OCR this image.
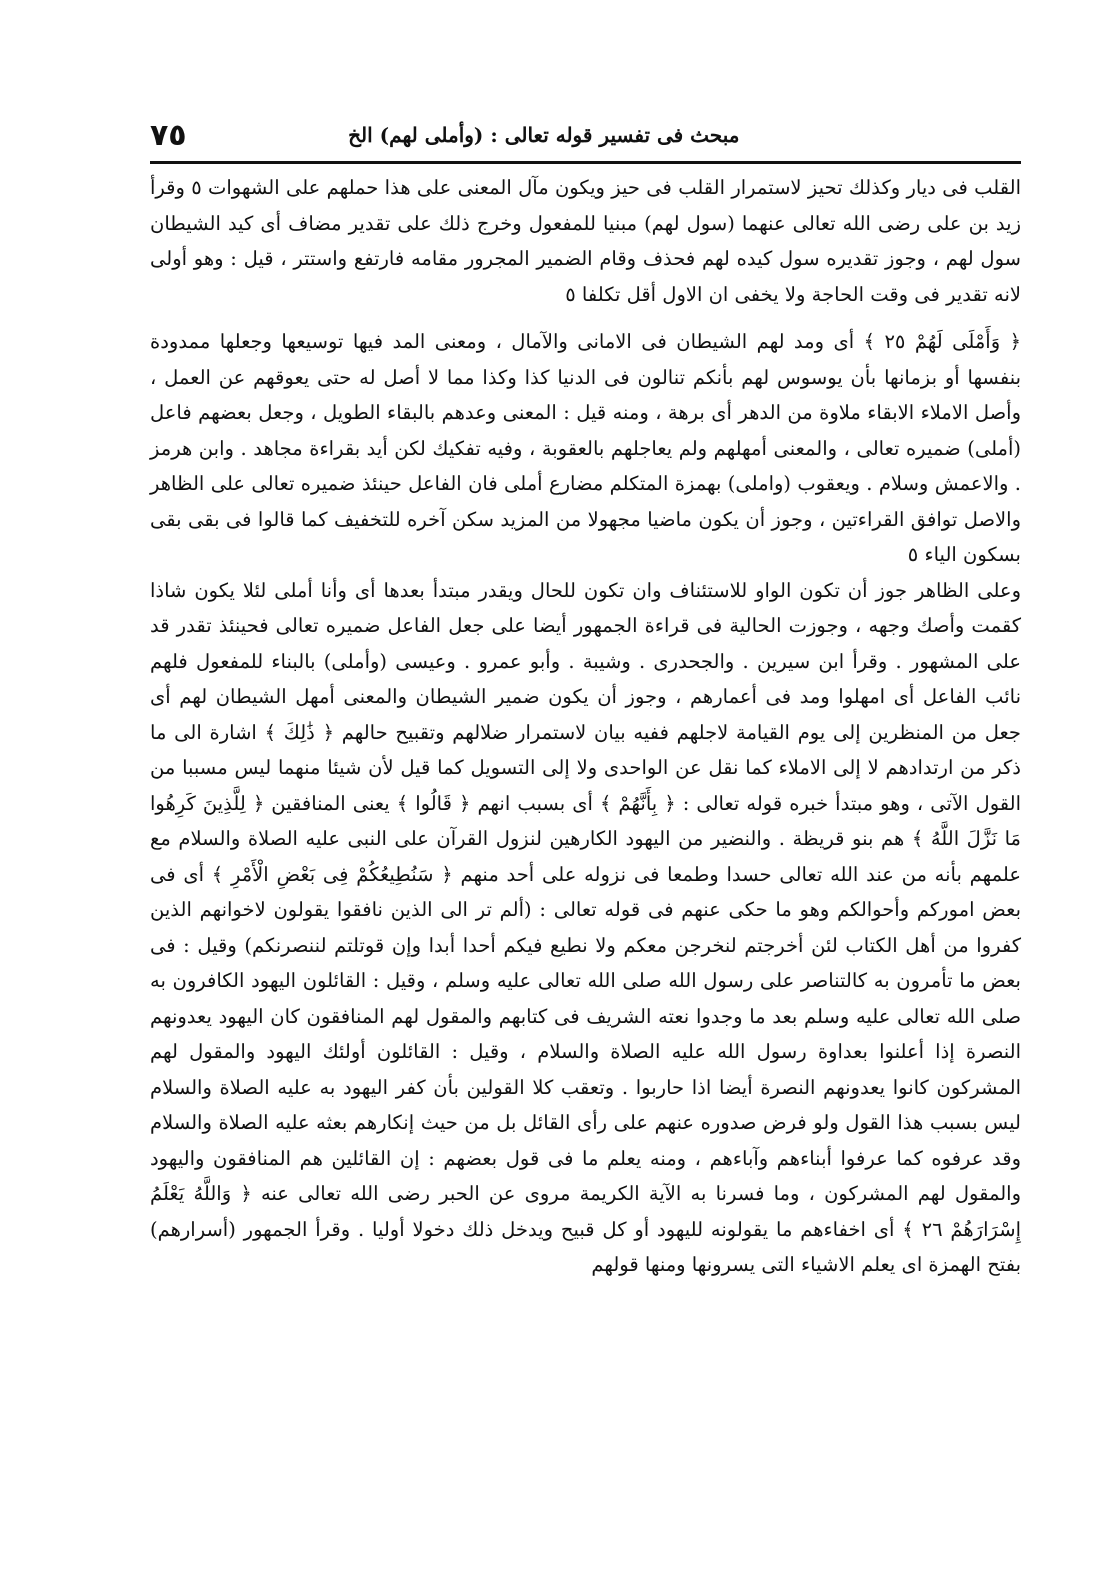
مبحث فى تفسير قوله تعالى : (وأملى لهم) الخ
٧٥

القلب فى ديار وكذلك تحيز لاستمرار القلب فى حيز ويكون مآل المعنى على هذا حملهم على الشهوات ٥ وقرأ زيد بن على رضى الله تعالى عنهما (سول لهم) مبنيا للمفعول وخرج ذلك على تقدير مضاف أى كيد الشيطان سول لهم ، وجوز تقديره سول كيده لهم فحذف وقام الضمير المجرور مقامه فارتفع واستتر ، قيل : وهو أولى لانه تقدير فى وقت الحاجة ولا يخفى ان الاول أقل تكلفا ٥

﴿ وَأَمْلَى لَهُمْ ٢٥ ﴾ أى ومد لهم الشيطان فى الامانى والآمال ، ومعنى المد فيها توسيعها وجعلها ممدودة بنفسها أو بزمانها بأن يوسوس لهم بأنكم تنالون فى الدنيا كذا وكذا مما لا أصل له حتى يعوقهم عن العمل ، وأصل الاملاء الابقاء ملاوة من الدهر أى برهة ، ومنه قيل : المعنى وعدهم بالبقاء الطويل ، وجعل بعضهم فاعل (أملى) ضميره تعالى ، والمعنى أمهلهم ولم يعاجلهم بالعقوبة ، وفيه تفكيك لكن أيد بقراءة مجاهد . وابن هرمز . والاعمش وسلام . ويعقوب (واملى) بهمزة المتكلم مضارع أملى فان الفاعل حينئذ ضميره تعالى على الظاهر والاصل توافق القراءتين ، وجوز أن يكون ماضيا مجهولا من المزيد سكن آخره للتخفيف كما قالوا فى بقى بقى بسكون الياء ٥

وعلى الظاهر جوز أن تكون الواو للاستئناف وان تكون للحال ويقدر مبتدأ بعدها أى وأنا أملى لئلا يكون شاذا كقمت وأصك وجهه ، وجوزت الحالية فى قراءة الجمهور أيضا على جعل الفاعل ضميره تعالى فحينئذ تقدر قد على المشهور . وقرأ ابن سيرين . والجحدرى . وشيبة . وأبو عمرو . وعيسى (وأملى) بالبناء للمفعول فلهم نائب الفاعل أى امهلوا ومد فى أعمارهم ، وجوز أن يكون ضمير الشيطان والمعنى أمهل الشيطان لهم أى جعل من المنظرين إلى يوم القيامة لاجلهم ففيه بيان لاستمرار ضلالهم وتقبيح حالهم ﴿ ذَٰلِكَ ﴾ اشارة الى ما ذكر من ارتدادهم لا إلى الاملاء كما نقل عن الواحدى ولا إلى التسويل كما قيل لأن شيئا منهما ليس مسببا من القول الآتى ، وهو مبتدأ خبره قوله تعالى : ﴿ بِأَنَّهُمْ ﴾ أى بسبب انهم ﴿ قَالُوا ﴾ يعنى المنافقين ﴿ لِلَّذِينَ كَرِهُوا مَا نَزَّلَ اللَّهُ ﴾ هم بنو قريظة . والنضير من اليهود الكارهين لنزول القرآن على النبى عليه الصلاة والسلام مع علمهم بأنه من عند الله تعالى حسدا وطمعا فى نزوله على أحد منهم ﴿ سَنُطِيعُكُمْ فِى بَعْضِ الْأَمْرِ ﴾ أى فى بعض اموركم وأحوالكم وهو ما حكى عنهم فى قوله تعالى : (ألم تر الى الذين نافقوا يقولون لاخوانهم الذين كفروا من أهل الكتاب لئن أخرجتم لنخرجن معكم ولا نطيع فيكم أحدا أبدا وإن قوتلتم لننصرنكم) وقيل : فى بعض ما تأمرون به كالتناصر على رسول الله صلى الله تعالى عليه وسلم ، وقيل : القائلون اليهود الكافرون به صلى الله تعالى عليه وسلم بعد ما وجدوا نعته الشريف فى كتابهم والمقول لهم المنافقون كان اليهود يعدونهم النصرة إذا أعلنوا بعداوة رسول الله عليه الصلاة والسلام ، وقيل : القائلون أولئك اليهود والمقول لهم المشركون كانوا يعدونهم النصرة أيضا اذا حاربوا . وتعقب كلا القولين بأن كفر اليهود به عليه الصلاة والسلام ليس بسبب هذا القول ولو فرض صدوره عنهم على رأى القائل بل من حيث إنكارهم بعثه عليه الصلاة والسلام وقد عرفوه كما عرفوا أبناءهم وآباءهم ، ومنه يعلم ما فى قول بعضهم : إن القائلين هم المنافقون واليهود والمقول لهم المشركون ، وما فسرنا به الآية الكريمة مروى عن الحبر رضى الله تعالى عنه ﴿ وَاللَّهُ يَعْلَمُ إِسْرَارَهُمْ ٢٦ ﴾ أى اخفاءهم ما يقولونه لليهود أو كل قبيح ويدخل ذلك دخولا أوليا . وقرأ الجمهور (أسرارهم) بفتح الهمزة اى يعلم الاشياء التى يسرونها ومنها قولهم
